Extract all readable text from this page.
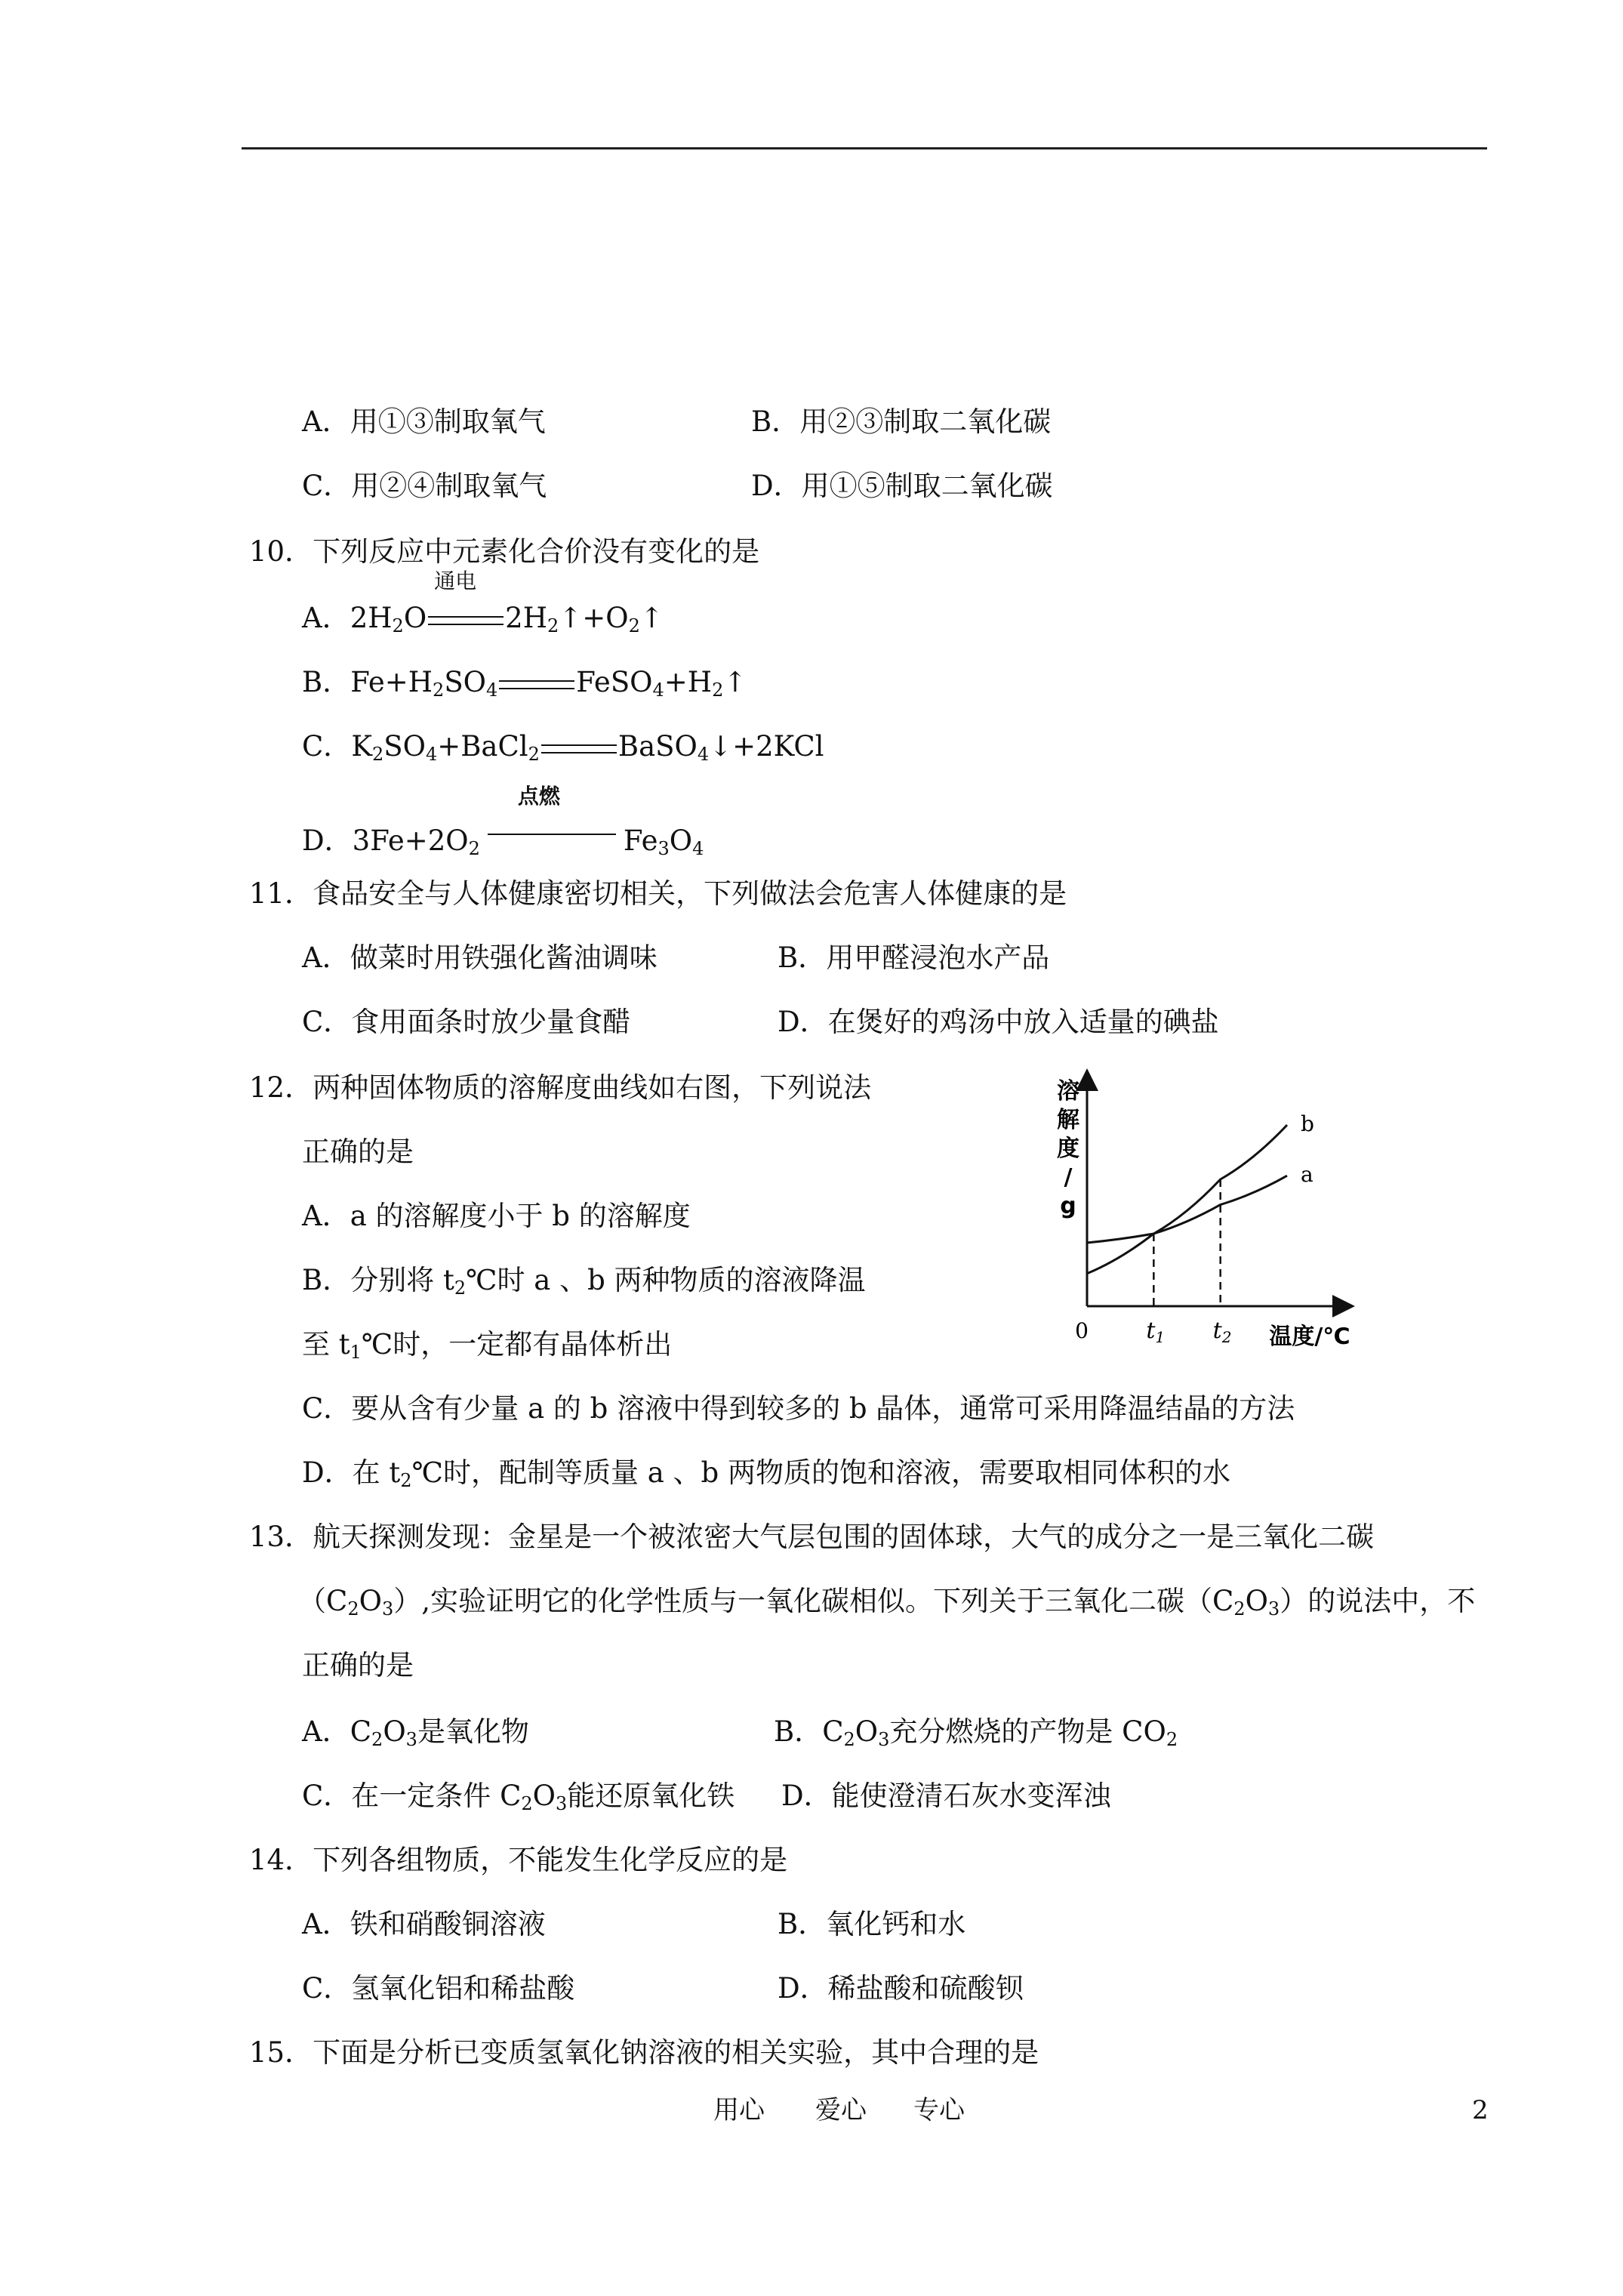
A．用①③制取氧气	B．用②③制取二氧化碳
C．用②④制取氧气	D．用①⑤制取二氧化碳
10．下列反应中元素化合价没有变化的是
A．$2H_2O$
通电
$2H_2↑+O_2↑$
B．$Fe+H_2SO_4$	$FeSO_4+H_2↑$
C．$K_2SO_4+BaCl_2$	BaSO$_4$↓+2KCl
D．$3Fe+2O_2$
点燃
$Fe_3O_4$
11．食品安全与人体健康密切相关，下列做法会危害人体健康的是
A．做菜时用铁强化酱油调味	B．用甲醛浸泡水产品
C．食用面条时放少量食醋	D．在煲好的鸡汤中放入适量的碘盐
12．两种固体物质的溶解度曲线如右图，下列说法
正确的是
A．a 的溶解度小于 b 的溶解度
B．分别将 $t_2℃$时 a 、b 两种物质的溶液降温
至 $t_1℃$时，一定都有晶体析出
C．要从含有少量 a 的 b 溶液中得到较多的 b 晶体，通常可采用降温结晶的方法
D．在 $t_2℃$时，配制等质量 a 、b 两物质的饱和溶液，需要取相同体积的水
溶解度/ g
温度/℃
0
a
b
$t_1$ $t_2$
13．航天探测发现：金星是一个被浓密大气层包围的固体球，大气的成分之一是三氧化二碳
$(C_2O_3)$,实验证明它的化学性质与一氧化碳相似。下列关于三氧化二碳$(C_2O_3)$的说法中，不
正确的是
A．$C_2O_3$是氧化物	B．$C_2O_3$充分燃烧的产物是 $CO_2$
C．在一定条件 $C_2O_3$能还原氧化铁 D．能使澄清石灰水变浑浊
14．下列各组物质，不能发生化学反应的是
A．铁和硝酸铜溶液	B．氧化钙和水
C．氢氧化铝和稀盐酸	D．稀盐酸和硫酸钡
15．下面是分析已变质氢氧化钠溶液的相关实验，其中合理的是
用心 爱心 专心	2
